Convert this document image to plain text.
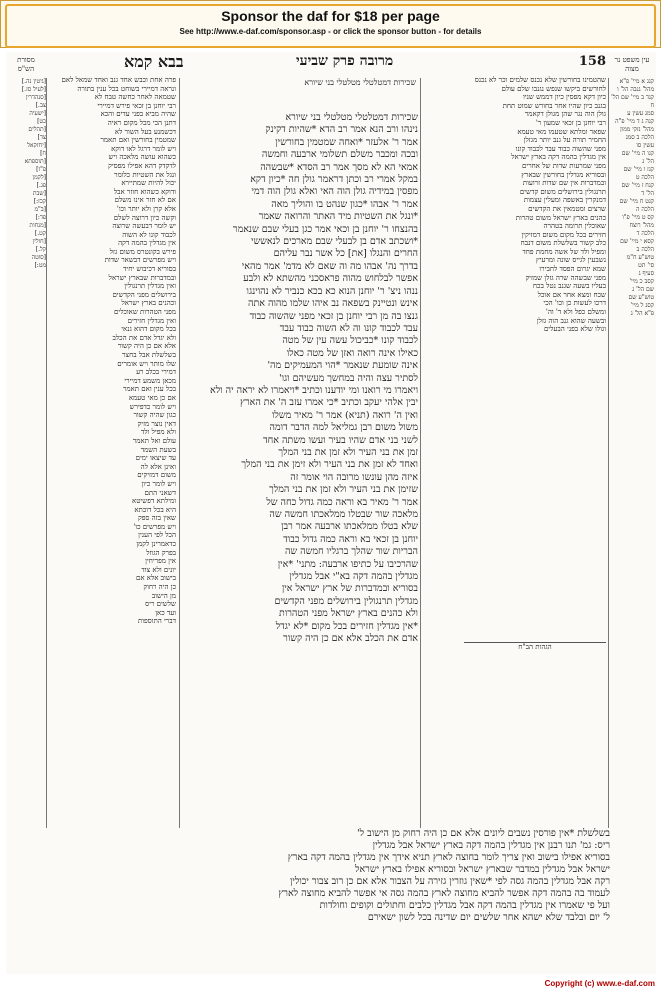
Sponsor the daf for $18 per page
See http://www.e-daf.com/sponsor.asp - or click the sponsor button - for details
158
בבא קמא	מרובה פרק שביעי	עין משפט נר מצוה
מסורת הש"ס
שכירות דמטלטלי מטלטלי בני שיורא
שכירות דמטלטלי מטלטלי בני שיורא
נינהו ורב הנא אמר רב הדא *שהיות דקינק
אמר ר' אלעזר *ואחה שמטמין בחורשין
ובכה ומכבר משלם תשלומי ארבעה וחמשה
אמאי הא לא מסך אמר רב הסדא *שבשהה
במקל אמרי רב וכתן דראמר גולן חה *כיון דקא
מפסין במידיה גולן הוה האי ואלא גולן הוה דמי
אמר ר' אבהו *כגון שנהט בו והוליך מאה
*ונגל את השטיות מיד האתר והרואה שאמר
בהנצחו ר' יוחנן בן וכאי אמר כגן בעלי שבם שנאמר
*ושכתב אדם בן לבעלי שבם מארכים לנאששי
החרים והנגלו [את] כל אשר נבר עליהם
בדרך נה' אבהו מה וה שאם לא מדמ' אמר מהאי
אפשר לבלחוש מהוה פראסכני מהשתא לא ולבע
ננהו ניצ' ר' יוחנן הנוא כא בכא כנביר לא נהוינגו
אינש ונטיינק בשפאה נב איהו שלמו מהוה אתה
גנצו בה מן רבי יוחנן בן זכאי מפני שהשוה כבוד
עבד לכבוד קונו וה לא השוה כבוד עבד
לכבוד קונו *כביכול עשה עין של מטה
כאילו אינה רואה ואזן של מטה כאלו
אינה שומעת שנאמר *הוי המעמיקים מה'
לסתיר עצה והיה במחשך מעשיהם וגו'
ויאמרו מי רואנו ומי יודענו וכתיב *ויאמרו לא יראה יה ולא
יבין אלהי יעקב וכתיב *כי אמרו עזב ה' את הארץ
ואין ה' רואה (תניא) אמר ר' מאיר משלו
משול משום רבן גמליאל למה הדבר דומה
לשני בני אדם שהיו בעיר ועשו משתה אחד
זמן את בני העיר ולא זמן את בני המלך
ואחד לא זמן את בני העיר ולא זימן את בני המלך
איזה מהן עונשו מרובה הוי אומר זה
שזימן את בני העיר ולא זמן את בני המלך
אמר ר' מאיר בא וראה כמה גדול כחה של
מלאכה שור שבטלו ממלאכתו חמשה שה
שלא בטלו ממלאכתו ארבעה אמר רבן
יוחנן בן זכאי בא וראה כמה גדול כבוד
הבריות שור שהלך ברגליו חמשה שה
שהרכיבו על כתיפו ארבעה: מתני' *אין
מגדלין בהמה דקה בא"י אבל מגדלין
בסוריא ובמדברות של ארץ ישראל אין
מגדלין תרנגולין בירושלים מפני הקדשים
ולא כהנים בארץ ישראל מפני הטהרות
*אין מגדלין חזירים בכל מקום *לא יגדל
אדם את הכלב אלא אם כן היה קשור
שהטמינו בחורשין שלא נכנס שלמים וכר לא נכנס
לחורשים ביקשו שנפש נגנבו שלם עולם
כיון דקא מפסין כיון דממש שניו
בגנב כיון שהיו אחר בחורש שמוט תחת
גולן הוה נגר שהן מגולן דקאמר
רבי יוחנן בן זכאי שמעון ר'
שפאר ומלתא שטעמו מאי טעמא
החמיר תורה על גנב יותר מגזלן
מפני שהשוה כבוד עבד לכבוד קונו
אין מגדלין בהמה דקה בארץ ישראל
מפני שמרעות שדות של אחרים
ובסוריא מגדלין בחורשין שבארץ
ובמדברות אין שם שדות זרועות
תרנגולין בירושלים משום קדשים
דמנקרין באשפה ומעלין עצמות
שרצים ומטמאין את הקדשים
כהנים בארץ ישראל משום טהרות
שאוכלין תרומה בטהרה
חזירים בכל מקום משום דמזיקין
כלב קשור בשלשלת משום דנבח
ומפיל ולד של אשה מחמת פחד
נשבעין לגייס שונה ומרעיץ
שמא יגרום הפסד לחבירו
מפני שבשהה שרה גזלן שמזיק
בעליו בשעה שגנב נטל בכח
שכח ומצא אחר אם אוכל
דרכו לעשות כן וכו' הכי
ומשלם כפל ולא ד' וה'
ובשעה שהוא גנב הוה גזלן
וגולו שלא בפני הבעלים
פרה אחת וכבש אחד גנב ואחד שמאל לאם
ונראה דמיירי בשוחט בכל ענין בתורה
שטמאה לאחר כחשה טבח לא
רבי יוחנן בן זכאי פירש דמיירי
שהיה מביא בפני עדים והכא
דתנן הכי מכל מקום ראיה
דכשמנע בעל השור לא
שמטמין בחורשין ואם תאמר
ויש לומר דרגל לאו דוקא
כשהוא עושה מלאכה ויש
לדקדק דהא אפילו מפסיק
ונגל את השטיות כלומר
יכול להיות שמתיירא
ודוקא כשהוא חוזר אבל
אם לא חזר אינו משלם
אלא קרן ולא יותר וכו'
וקשה כיון דרוצה לשלם
יש לומר דבעשה שרוצה
לכבוד קונו לא השוה
אין מגדלין בהמה דקה
פירש בקונטרס משום גזל
ויש מפרשים דבשאר שדות
בסוריא דכיבוש יחיד
ובמדברות שבארץ ישראל
ואין מגדלין תרנגולין
בירושלים מפני הקדשים
וכהנים בארץ ישראל
מפני הטהרות שאוכלים
ואין מגדלין חזירים
בכל מקום דהוא גנאי
ולא יגדל אדם את הכלב
אלא אם כן היה קשור
בשלשלת אבל בחצר
שלו מותר ויש אומרים
דמירי בכלב רע
מכאן משמע דמיירי
בכל ענין ואם תאמר
אם כן מאי טעמא
ויש לומר כדפירש
כגון שהיה קשור
דאין נוצר מזיק
ולא מפיל ולד
עולם ואל תאמר
בשעת השמד
עד שיצאו ימים
ואינן אלא לה
משום דמזיקים
ויש לומר כיון
דשאני התם
ומילתא דפשיטא
היא בכל דוכתא
שאין בזה ספק
ויש מפרשים כו'
הכל לפי הענין
כדאמרינן לקמן
בפרק הגוזל
אין מפריחין
יונים ולא צוד
בישוב אלא אם
כן היה רחוק
מן הישוב
שלשים ריס
ועד כאן
דברי התוספות
קנג א מיי' פ"א מהל' גנבה הל' ו
קנד ב מיי' שם הל' ח
סמג עשין ע
קנה ג ד מיי' פ"ה
מהל' נזקי ממון
הלכה ב סמג
עשין סו
קנו ה מיי' שם
הל' ג
קנז ו מיי' שם
הלכה ט
קנח ז מיי' שם
הל' ד
קנט ח מיי' שם
הלכה ה
קס ט מיי' פ"ו
מהל' רוצח
הלכה ד
קסא י מיי' שם
הלכה ב
טוש"ע ח"מ
סי' תט
סעיף ג
קסב כ מיי'
שם הל' ג
טוש"ע שם
קסג ל מיי'
פ"א הל' ג
[גיטין נה.]
[לעיל סז.]
[סנהדרין
צב.]
[ישעיה
כט]
[תהלים
צד]
[יחזקאל
ח]
[תוספתא
פ"ז]
[לקמן
פג.]
[שבת
קכז:]
[ב"מ
פד:]
[מנחות
קט.]
[חולין
קל.]
[סוטה
מט:]
הגהות הב"ח
בשלשלת *אין פורסין נשבים ליונים אלא אם כן היה רחוק מן הישוב ל'
ריס: גמ' תנו רבנן אין מגדלין בהמה דקה בארץ ישראל אבל מגדלין
בסוריא אפילו בישוב ואין צריך לומר בחוצה לארץ תניא אידך אין מגדלין בהמה דקה בארץ
ישראל אבל מגדלין במדבר שבארץ ישראל ובסוריא אפילו בארץ ישראל
רקה אבל מגדלין בהמה גסה לפי *שאין גוזרין גזירה על הצבור אלא אם כן רוב צבור יכולין
לעמוד בה בהמה דקה אפשר להביא מחוצה לארץ בהמה גסה אי אפשר להביא מחוצה לארץ
ועל פי שאמרו אין מגדלין בהמה דקה אבל מגדלין כלבים וחתולים וקופים וחולדות
ל' יום ובלבד שלא ישהא אחר שלשים יום שדינה בכל לשון ישאירם
Copyright (c) www.e-daf.com
